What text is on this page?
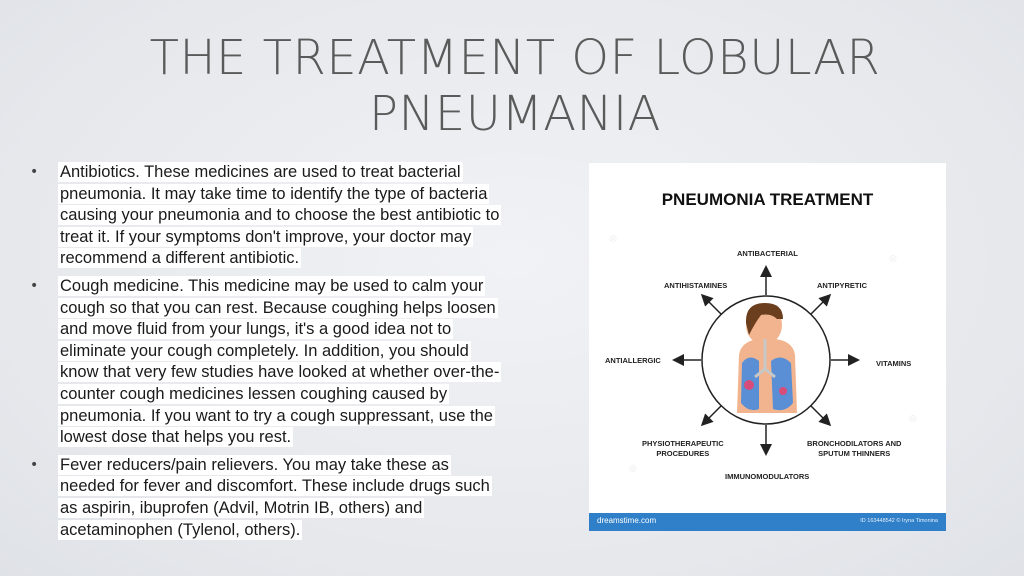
THE TREATMENT OF LOBULAR
PNEUMANIA
• Antibiotics. These medicines are used to treat bacterial pneumonia. It may take time to identify the type of bacteria causing your pneumonia and to choose the best antibiotic to treat it. If your symptoms don't improve, your doctor may recommend a different antibiotic.
• Cough medicine. This medicine may be used to calm your cough so that you can rest. Because coughing helps loosen and move fluid from your lungs, it's a good idea not to eliminate your cough completely. In addition, you should know that very few studies have looked at whether over-the-counter cough medicines lessen coughing caused by pneumonia. If you want to try a cough suppressant, use the lowest dose that helps you rest.
• Fever reducers/pain relievers. You may take these as needed for fever and discomfort. These include drugs such as aspirin, ibuprofen (Advil, Motrin IB, others) and acetaminophen (Tylenol, others).
◎
◎
◎
◎
PNEUMONIA TREATMENT
ANTIBACTERIAL
ANTIHISTAMINES	ANTIPYRETIC
ANTIALLERGIC	VITAMINS
PHYSIOTHERAPEUTIC
PROCEDURES
BRONCHODILATORS AND
SPUTUM THINNERS
IMMUNOMODULATORS
dreamstime.com	ID 163448542 © Iryna Timonina
